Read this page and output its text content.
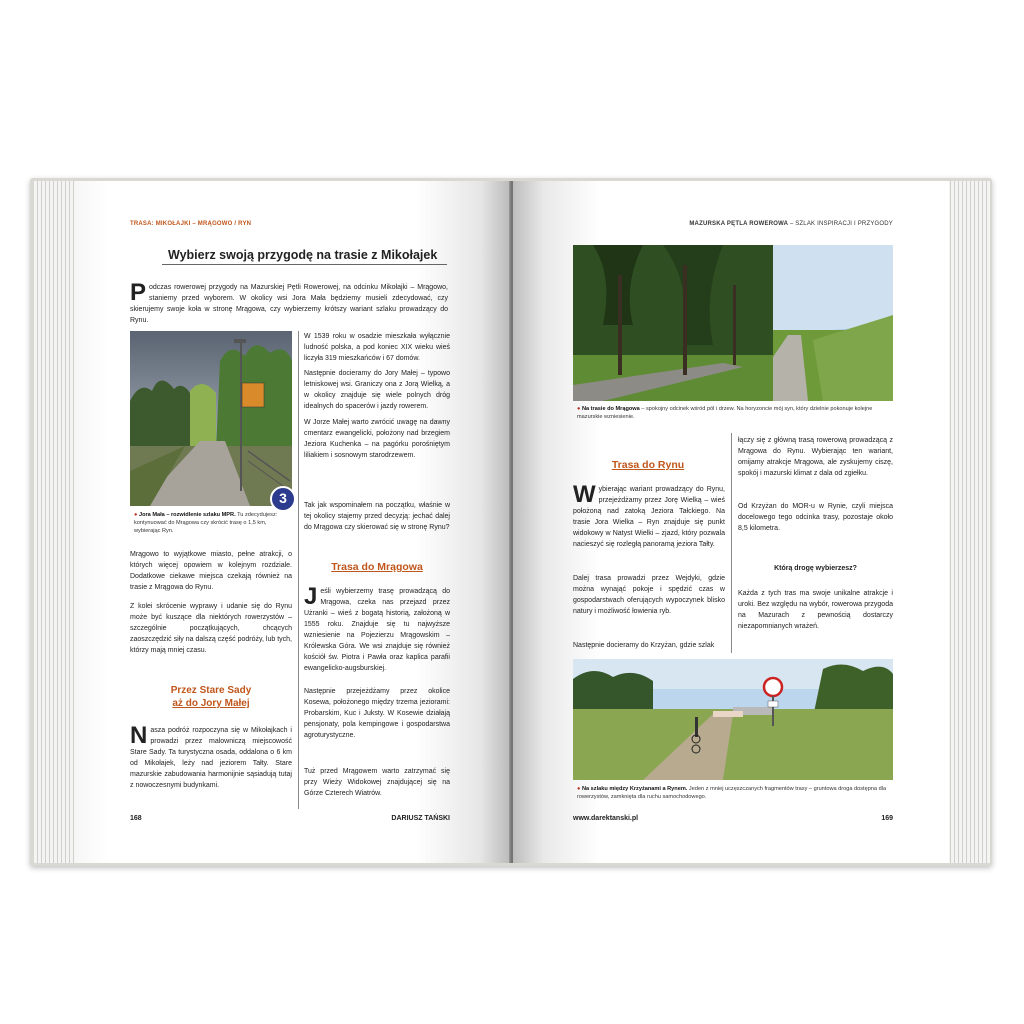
TRASA: MIKOŁAJKI – MRĄGOWO / RYN
Wybierz swoją przygodę na trasie z Mikołajek
Podczas rowerowej przygody na Mazurskiej Pętli Rowerowej, na odcinku Mikołajki – Mrągowo, staniemy przed wyborem. W okolicy wsi Jora Mała będziemy musieli zdecydować, czy skierujemy swoje koła w stronę Mrągowa, czy wybierzemy krótszy wariant szlaku prowadzący do Rynu.
3
● Jora Mała – rozwidlenie szlaku MPR. Tu zdecydujesz: kontynuować do Mrągowa czy skrócić trasę o 1,5 km, wybierając Ryn.
Mrągowo to wyjątkowe miasto, pełne atrakcji, o których więcej opowiem w kolejnym rozdziale. Dodatkowe ciekawe miejsca czekają również na trasie z Mrągowa do Rynu.
Z kolei skrócenie wyprawy i udanie się do Rynu może być kuszące dla niektórych rowerzystów – szczególnie początkujących, chcących zaoszczędzić siły na dalszą część podróży, lub tych, którzy mają mniej czasu.
Przez Stare Sady
aż do Jory Małej
Nasza podróż rozpoczyna się w Mikołajkach i prowadzi przez malowniczą miejscowość Stare Sady. Ta turystyczna osada, oddalona o 6 km od Mikołajek, leży nad jeziorem Tałty. Stare mazurskie zabudowania harmonijnie sąsiadują tutaj z nowoczesnymi budynkami.
W 1539 roku w osadzie mieszkała wyłącznie ludność polska, a pod koniec XIX wieku wieś liczyła 319 mieszkańców i 67 domów.
Następnie docieramy do Jory Małej – typowo letniskowej wsi. Graniczy ona z Jorą Wielką, a w okolicy znajduje się wiele polnych dróg idealnych do spacerów i jazdy rowerem.
W Jorze Małej warto zwrócić uwagę na dawny cmentarz ewangelicki, położony nad brzegiem Jeziora Kuchenka – na pagórku porośniętym liliakiem i sosnowym starodrzewem.
Tak jak wspominałem na początku, właśnie w tej okolicy stajemy przed decyzją: jechać dalej do Mrągowa czy skierować się w stronę Rynu?
Trasa do Mrągowa
Jeśli wybierzemy trasę prowadzącą do Mrągowa, czeka nas przejazd przez Użranki – wieś z bogatą historią, założoną w 1555 roku. Znajduje się tu najwyższe wzniesienie na Pojezierzu Mrągowskim – Królewska Góra. We wsi znajduje się również kościół św. Piotra i Pawła oraz kaplica parafii ewangelicko-augsburskiej.
Następnie przejeżdżamy przez okolice Kosewa, położonego między trzema jeziorami: Probarskim, Kuc i Juksty. W Kosewie działają pensjonaty, pola kempingowe i gospodarstwa agroturystyczne.
Tuż przed Mrągowem warto zatrzymać się przy Wieży Widokowej znajdującej się na Górze Czterech Wiatrów.
168	DARIUSZ TAŃSKI
MAZURSKA PĘTLA ROWEROWA – SZLAK INSPIRACJI I PRZYGODY
● Na trasie do Mrągowa – spokojny odcinek wśród pól i drzew. Na horyzoncie mój syn, który dzielnie pokonuje kolejne mazurskie wzniesienie.
Trasa do Rynu
Wybierając wariant prowadzący do Rynu, przejeżdżamy przez Jorę Wielką – wieś położoną nad zatoką Jeziora Tałckiego. Na trasie Jora Wielka – Ryn znajduje się punkt widokowy w Natyst Wielki – zjazd, który pozwala nacieszyć się rozległą panoramą jeziora Tałty.
Dalej trasa prowadzi przez Wejdyki, gdzie można wynająć pokoje i spędzić czas w gospodarstwach oferujących wypoczynek blisko natury i możliwość łowienia ryb.
Następnie docieramy do Krzyżan, gdzie szlak
łączy się z główną trasą rowerową prowadzącą z Mrągowa do Rynu. Wybierając ten wariant, omijamy atrakcje Mrągowa, ale zyskujemy ciszę, spokój i mazurski klimat z dala od zgiełku.
Od Krzyżan do MOR-u w Rynie, czyli miejsca docelowego tego odcinka trasy, pozostaje około 8,5 kilometra.
Którą drogę wybierzesz?
Każda z tych tras ma swoje unikalne atrakcje i uroki. Bez względu na wybór, rowerowa przygoda na Mazurach z pewnością dostarczy niezapomnianych wrażeń.
● Na szlaku między Krzyżanami a Rynem. Jeden z mniej uczęszczanych fragmentów trasy – gruntowa droga dostępna dla rowerzystów, zamknięta dla ruchu samochodowego.
www.darektanski.pl	169
